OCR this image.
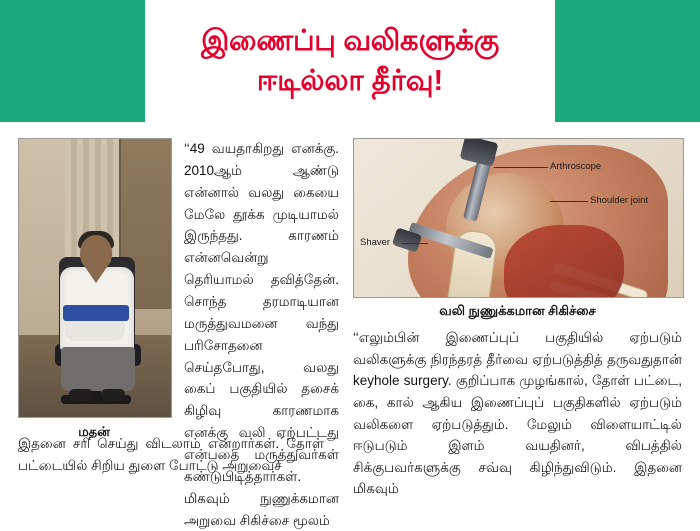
இணைப்பு வலிகளுக்கு
ஈடில்லா தீர்வு!
மதன்

‘‘49 வயதாகிறது எனக்கு. 2010ஆம் ஆண்டு என்னால் வலது கையை மேலே தூக்க முடியாமல் இருந்தது. காரணம் என்னவென்று தெரியாமல் தவித்தேன். சொந்த தரமாடியான மருத்துவமனை வந்து பரிசோதனை செய்தபோது, வலது கைப் பகுதியில் தசைக் கிழிவு காரணமாக எனக்கு வலி ஏற்பட்டது என்பதை மருத்துவர்கள் கண்டுபிடித்தார்கள். மிகவும் நுணுக்கமான அறுவை சிகிச்சை மூலம்

Arthroscope
Shoulder joint
Shaver
வலி நுணுக்கமான சிகிச்சை
‘‘எலும்பின் இணைப்புப் பகுதியில் ஏற்படும் வலிகளுக்கு நிரந்தரத் தீர்வை ஏற்படுத்தித் தருவதுதான் keyhole surgery. குறிப்பாக முழங்கால், தோள் பட்டை, கை, கால் ஆகிய இணைப்புப் பகுதிகளில் ஏற்படும் வலிகளை ஏற்படுத்தும். மேலும் விளையாட்டில் ஈடுபடும் இளம் வயதினர், விபத்தில் சிக்குபவர்களுக்கு சவ்வு கிழிந்துவிடும். இதனை மிகவும்
இதனை சரி செய்து விடலாம் என்றார்கள். தோள் பட்டையில் சிறிய துளை போட்டு அறுவைச்
